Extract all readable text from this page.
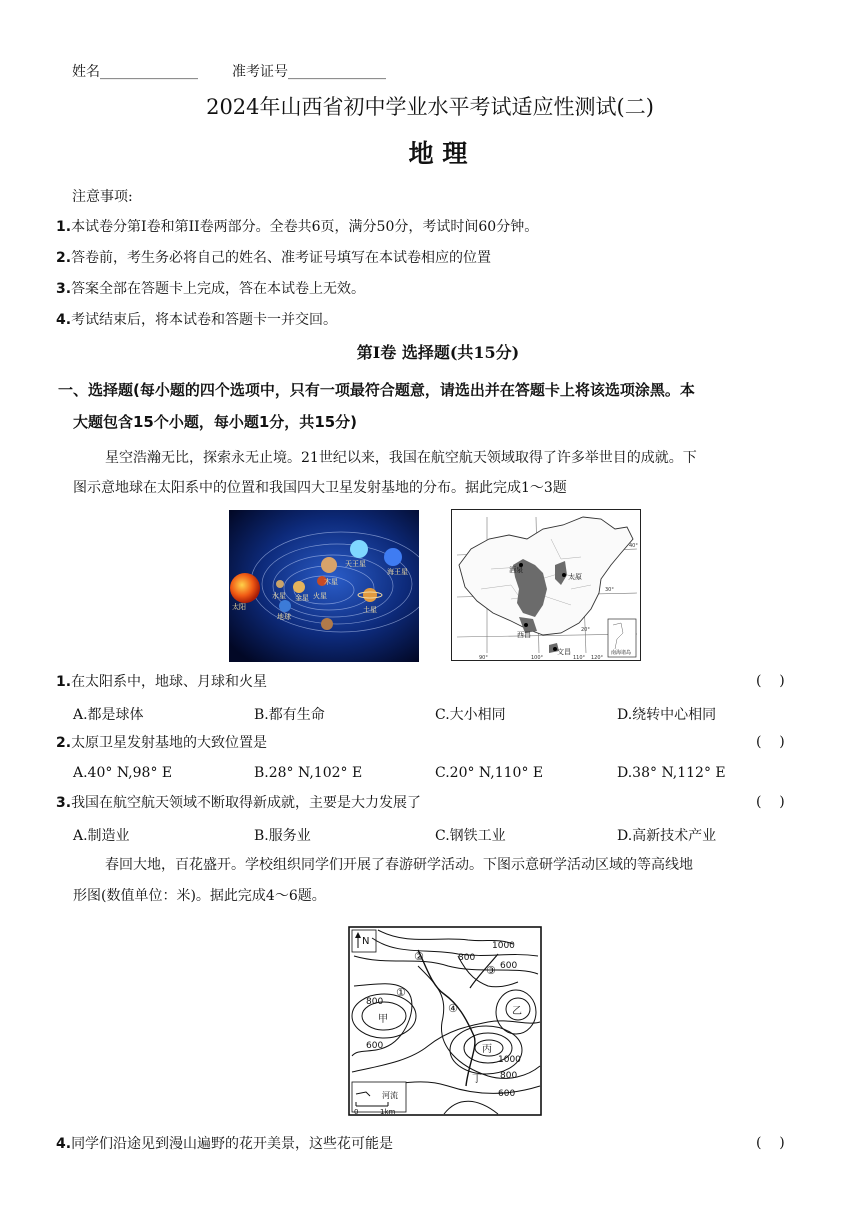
姓名______________ 准考证号______________
2024年山西省初中学业水平考试适应性测试(二)
地 理
注意事项:
1.本试卷分第I卷和第II卷两部分。全卷共6页，满分50分，考试时间60分钟。
2.答卷前，考生务必将自己的姓名、准考证号填写在本试卷相应的位置
3.答案全部在答题卡上完成，答在本试卷上无效。
4.考试结束后，将本试卷和答题卡一并交回。
第I卷 选择题(共15分)
一、选择题(每小题的四个选项中，只有一项最符合题意，请选出并在答题卡上将该选项涂黑。本
大题包含15个小题，每小题1分，共15分)
星空浩瀚无比，探索永无止境。21世纪以来，我国在航空航天领域取得了许多举世目的成就。下
图示意地球在太阳系中的位置和我国四大卫星发射基地的分布。据此完成1～3题
太阳
水星 金星
地球
火星
木星
土星
天王星
海王星	酒泉
太原
西昌
文昌	南海诸岛
40°
30°
20°
90°	100°	110° 120°
1.在太阳系中，地球、月球和火星	(    )
A.都是球体	B.都有生命	C.大小相同	D.绕转中心相同
2.太原卫星发射基地的大致位置是	(    )
A.40° N,98° E	B.28° N,102° E	C.20° N,110° E	D.38° N,112° E
3.我国在航空航天领域不断取得新成就，主要是大力发展了	(    )
A.制造业	B.服务业	C.钢铁工业	D.高新技术产业
春回大地，百花盛开。学校组织同学们开展了春游研学活动。下图示意研学活动区域的等高线地
形图(数值单位：米)。据此完成4～6题。
N	1000
800
600
800
1000
600
800
600
甲
乙
丙
丁
①
②
③
④
河流
0	1km
4.同学们沿途见到漫山遍野的花开美景，这些花可能是	(    )
